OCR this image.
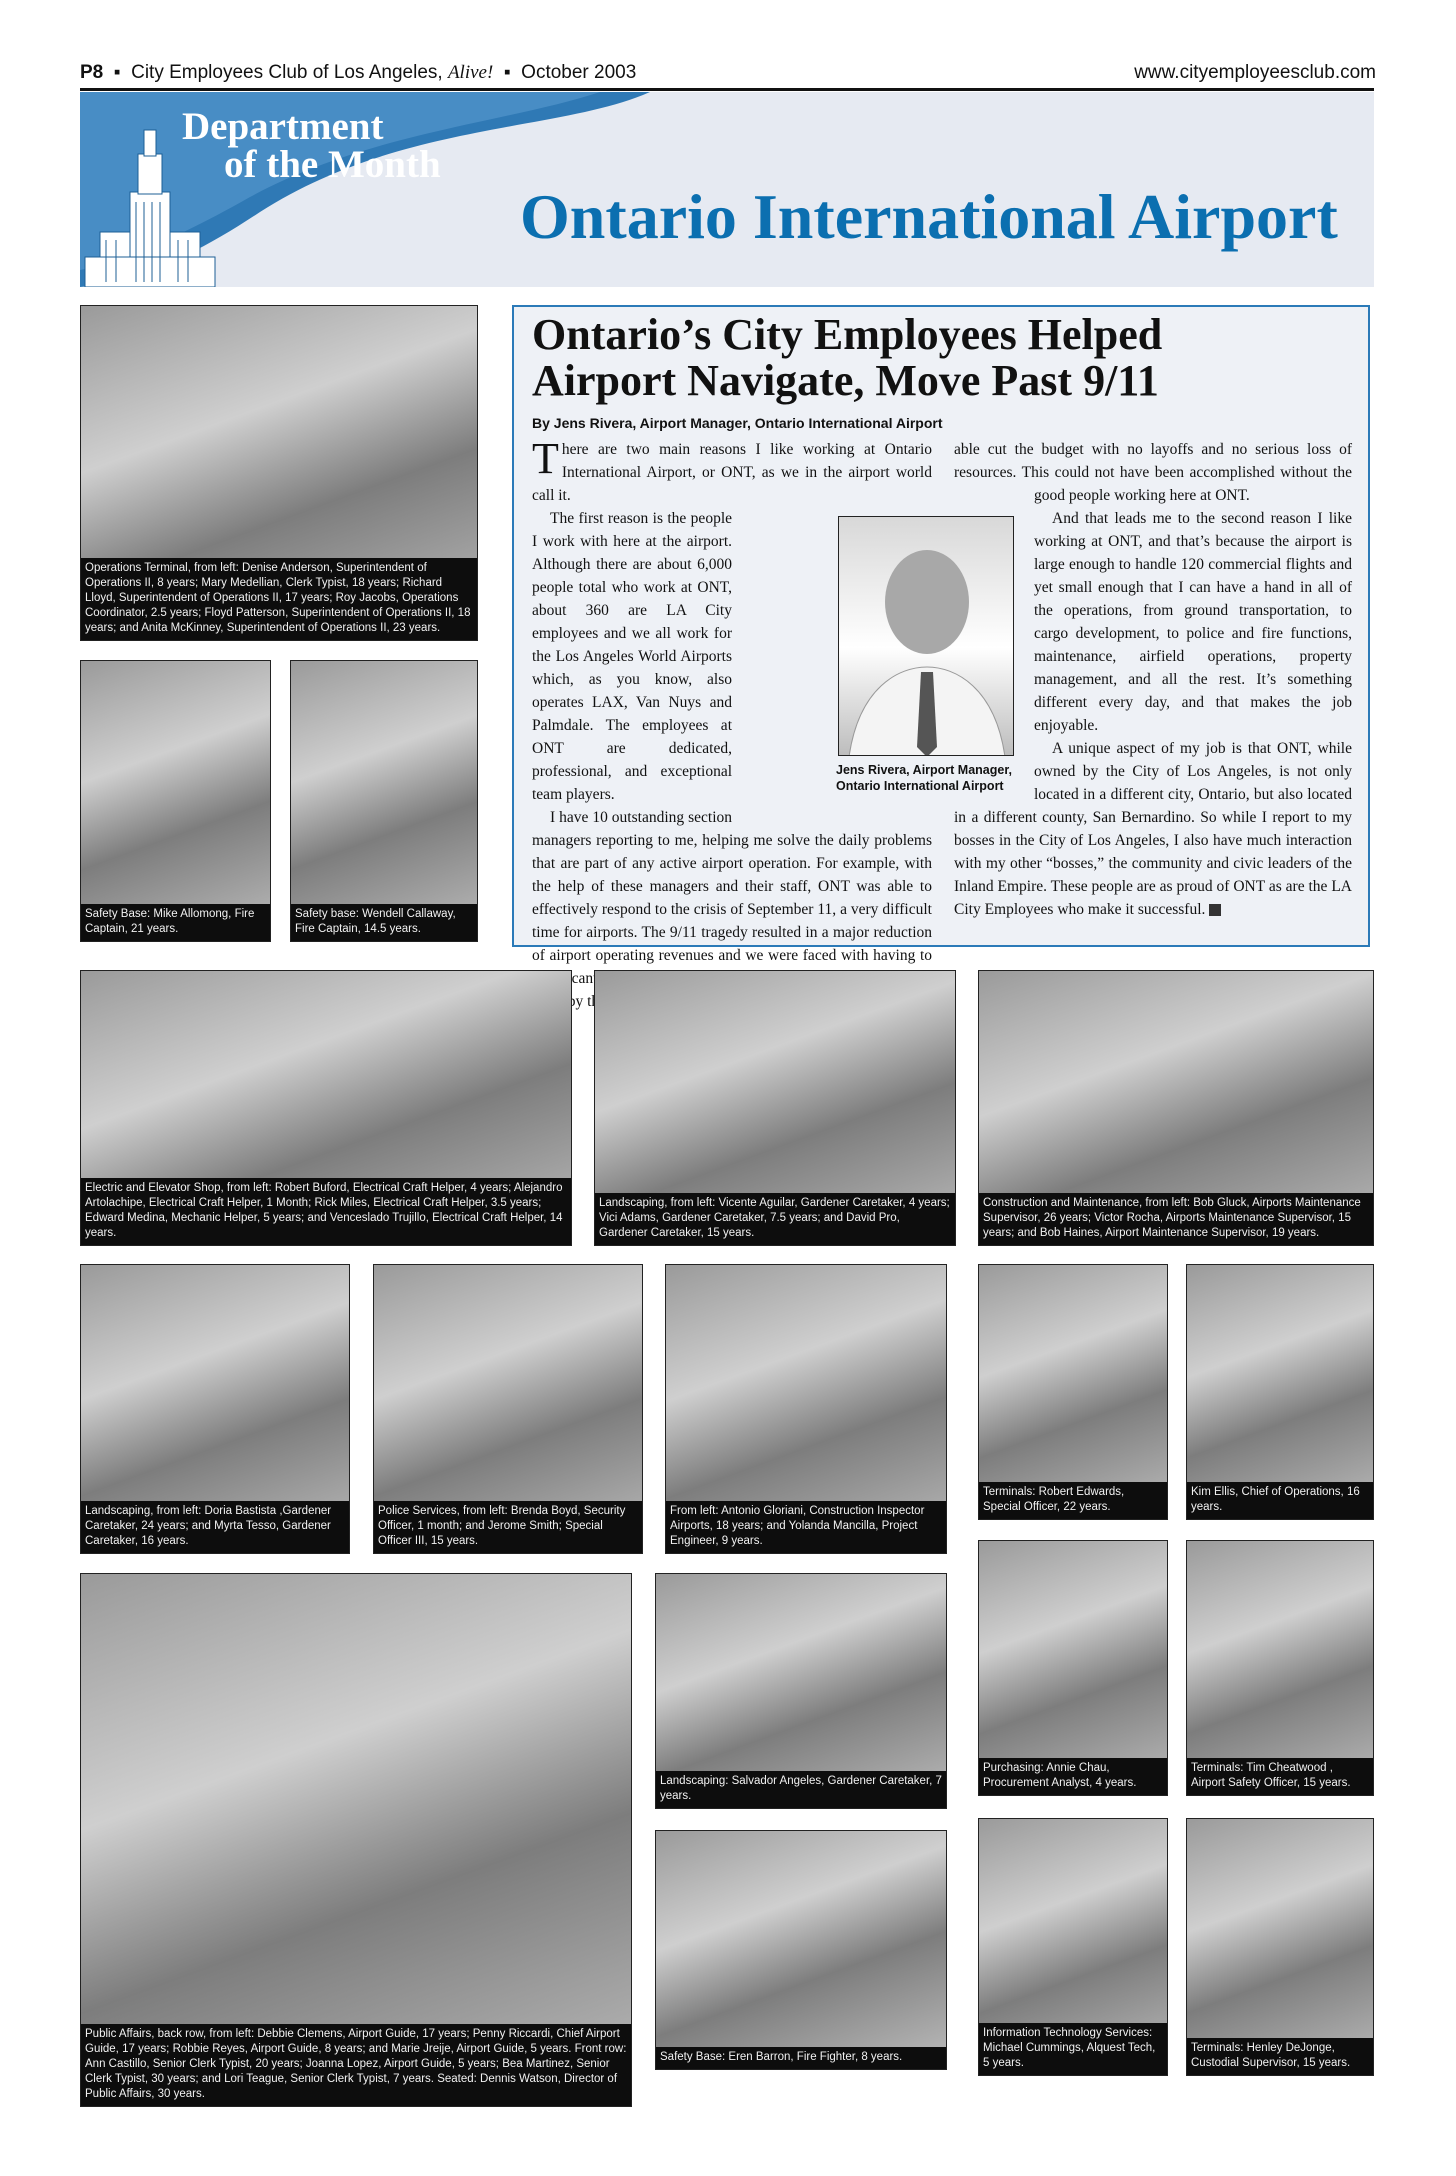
P8  ▪  City Employees Club of Los Angeles, Alive!  ▪  October 2003	www.cityemployeesclub.com
Department
of the Month
Ontario International Airport
Ontario’s City Employees Helped
Airport Navigate, Move Past 9/11
By Jens Rivera, Airport Manager, Ontario International Airport

There are two main reasons I like working at Ontario International Airport, or ONT, as we in the airport world call it.

The first reason is the people I work with here at the airport. Although there are about 6,000 people total who work at ONT, about 360 are LA City employees and we all work for the Los Angeles World Airports which, as you know, also operates LAX, Van Nuys and Palmdale. The employees at ONT are dedicated, professional, and exceptional team players.

I have 10 outstanding section managers reporting to me, helping me solve the daily problems that are part of any active airport operation. For example, with the help of these managers and their staff, ONT was able to effectively respond to the crisis of September 11, a very difficult time for airports. The 9/11 tragedy resulted in a major reduction of airport operating revenues and we were faced with having to by

able cut the budget with no layoffs and no serious loss of resources. This could not have been accomplished without the good people working here at ONT.

And that leads me to the second reason I like working at ONT, and that’s because the airport is large enough to handle 120 commercial flights and yet small enough that I can have a hand in all of the operations, from ground transportation, to cargo development, to police and fire functions, maintenance, airfield operations, property management, and all the rest. It’s something different every day, and that makes the job enjoyable.

A unique aspect of my job is that ONT, while owned by the City of Los Angeles, is not only located in a different city, Ontario, but also located in a different county, San Bernardino. So while I report to my bosses in the City of Los Angeles, I also have much interaction with my other “bosses,” the community and civic leaders of the Inland Empire. These people are as proud of ONT as are the LA City Employees who make it successful.

Jens Rivera, Airport Manager,
Ontario International Airport
Operations Terminal, from left: Denise Anderson, Superintendent of Operations II, 8 years; Mary Medellian, Clerk Typist, 18 years; Richard Lloyd, Superintendent of Operations II, 17 years; Roy Jacobs, Operations Coordinator, 2.5 years; Floyd Patterson, Superintendent of Operations II, 18 years; and Anita McKinney, Superintendent of Operations II, 23 years.
Safety Base: Mike Allomong, Fire Captain, 21 years.
Safety base: Wendell Callaway, Fire Captain, 14.5 years.
Electric and Elevator Shop, from left: Robert Buford, Electrical Craft Helper, 4 years; Alejandro Artolachipe, Electrical Craft Helper, 1 Month; Rick Miles, Electrical Craft Helper, 3.5 years; Edward Medina, Mechanic Helper, 5 years; and Venceslado Trujillo, Electrical Craft Helper, 14 years.
Landscaping, from left: Vicente Aguilar, Gardener Caretaker, 4 years; Vici Adams, Gardener Caretaker, 7.5 years; and David Pro, Gardener Caretaker, 15 years.
Construction and Maintenance, from left: Bob Gluck, Airports Maintenance Supervisor, 26 years; Victor Rocha, Airports Maintenance Supervisor, 15 years; and Bob Haines, Airport Maintenance Supervisor, 19 years.
Landscaping, from left: Doria Bastista ,Gardener Caretaker, 24 years; and Myrta Tesso, Gardener Caretaker, 16 years.
Police Services, from left: Brenda Boyd, Security Officer, 1 month; and Jerome Smith; Special Officer III, 15 years.
From left: Antonio Gloriani, Construction Inspector Airports, 18 years; and Yolanda Mancilla, Project Engineer, 9 years.
Terminals: Robert Edwards, Special Officer, 22 years.
Kim Ellis, Chief of Operations, 16 years.
Public Affairs, back row, from left: Debbie Clemens, Airport Guide, 17 years; Penny Riccardi, Chief Airport Guide, 17 years; Robbie Reyes, Airport Guide, 8 years; and Marie Jreije, Airport Guide, 5 years. Front row: Ann Castillo, Senior Clerk Typist, 20 years; Joanna Lopez, Airport Guide, 5 years; Bea Martinez, Senior Clerk Typist, 30 years; and Lori Teague, Senior Clerk Typist, 7 years. Seated: Dennis Watson, Director of Public Affairs, 30 years.
Landscaping: Salvador Angeles, Gardener Caretaker, 7 years.
Purchasing: Annie Chau, Procurement Analyst, 4 years.
Terminals: Tim Cheatwood , Airport Safety Officer, 15 years.
Safety Base: Eren Barron, Fire Fighter, 8 years.
Information Technology Services: Michael Cummings, Alquest Tech, 5 years.
Terminals: Henley DeJonge, Custodial Supervisor, 15 years.
